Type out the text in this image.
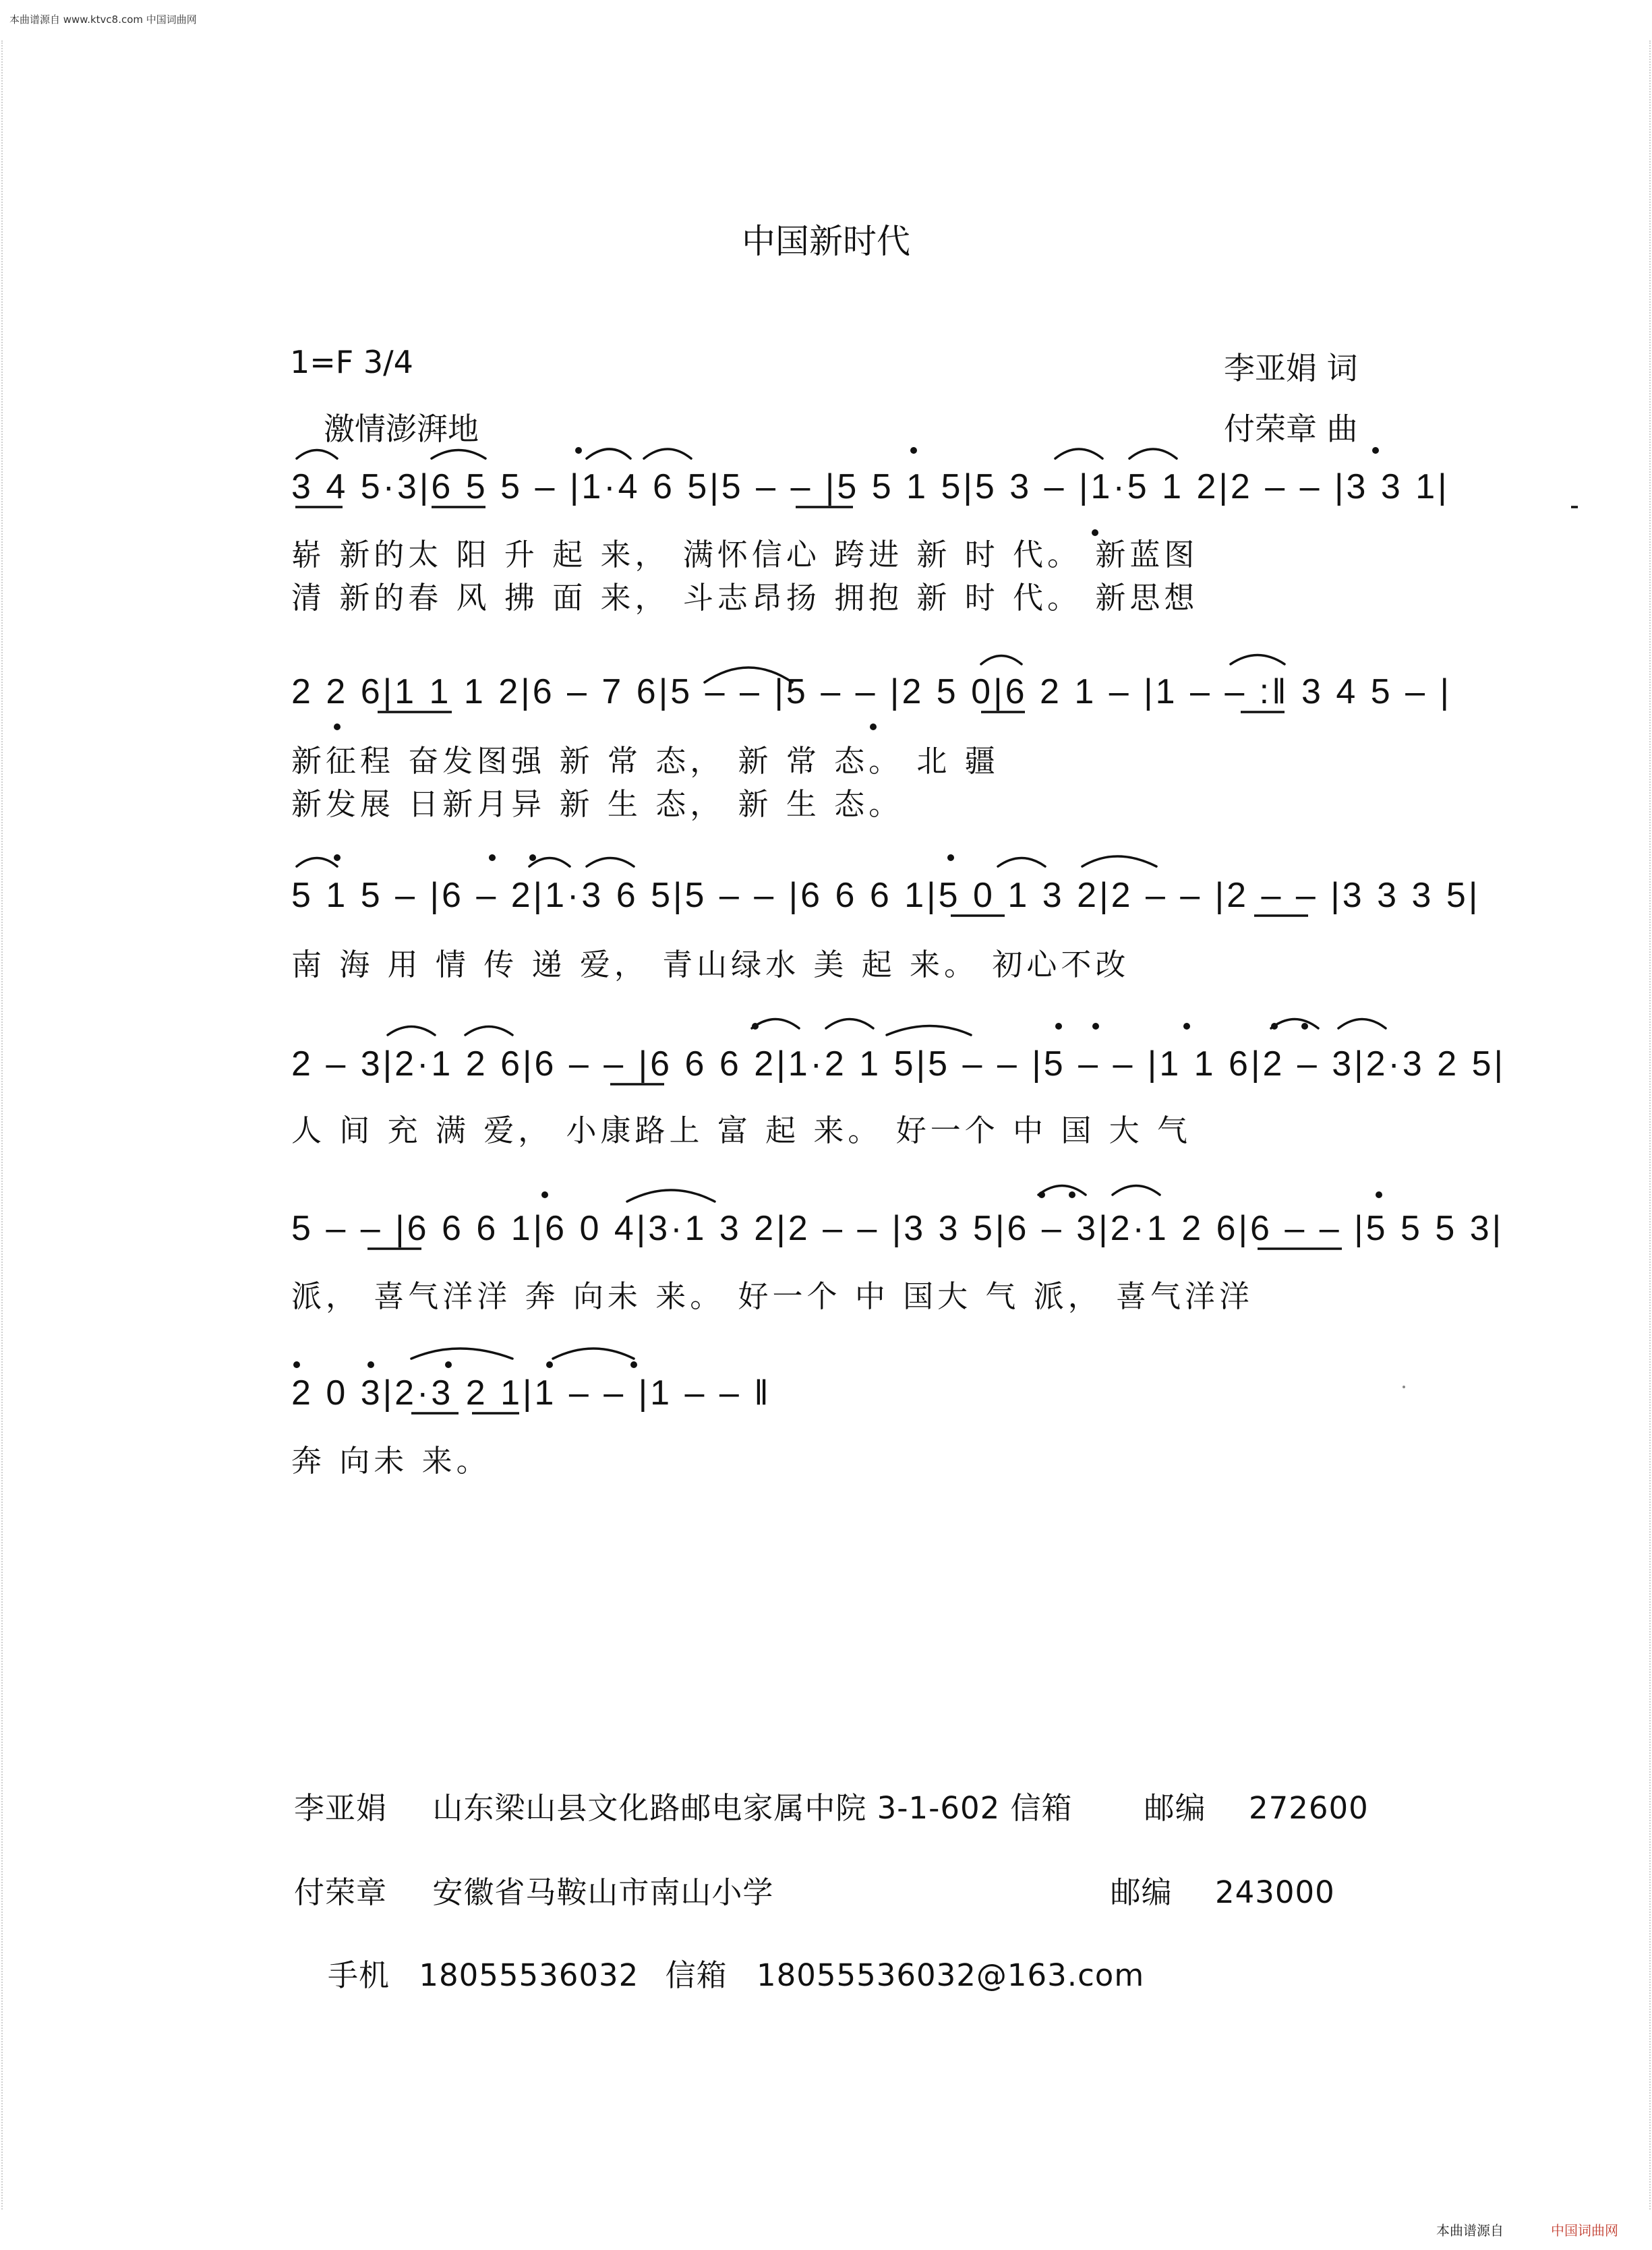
本曲谱源自 www.ktvc8.com 中国词曲网
中国新时代
1=F 3/4
激情澎湃地
李亚娟 词
付荣章 曲
3 4 5·3|6 5 5 – |1·4 6 5|5 – – |5 5 1 5|5 3 – |1·5 1 2|2 – – |3 3 1|
崭 新的太 阳 升 起 来， 满怀信心 跨进 新 时 代。 新蓝图
清 新的春 风 拂 面 来， 斗志昂扬 拥抱 新 时 代。 新思想
2 2 6|1 1 1 2|6 – 7 6|5 – – |5 – – |2 5 0|6 2 1 – |1 – – :‖ 3 4 5 – |
新征程 奋发图强 新 常 态， 新 常 态。 北 疆
新发展 日新月异 新 生 态， 新 生 态。
5 1 5 – |6 – 2|1·3 6 5|5 – – |6 6 6 1|5 0 1 3 2|2 – – |2 – – |3 3 3 5|
南 海 用 情 传 递 爱， 青山绿水 美 起 来。 初心不改
2 – 3|2·1 2 6|6 – – |6 6 6 2|1·2 1 5|5 – – |5 – – |1 1 6|2 – 3|2·3 2 5|
人 间 充 满 爱， 小康路上 富 起 来。 好一个 中 国 大 气
5 – – |6 6 6 1|6 0 4|3·1 3 2|2 – – |3 3 5|6 – 3|2·1 2 6|6 – – |5 5 5 3|
派， 喜气洋洋 奔 向未 来。 好一个 中 国大 气 派， 喜气洋洋
2 0 3|2·3 2 1|1 – – |1 – – ‖
奔 向未 来。
李亚娟 山东梁山县文化路邮电家属中院 3-1-602 信箱 邮编 272600
付荣章 安徽省马鞍山市南山小学	邮编 243000
手机 18055536032 信箱 18055536032@163.com
本曲谱源自	中国词曲网
